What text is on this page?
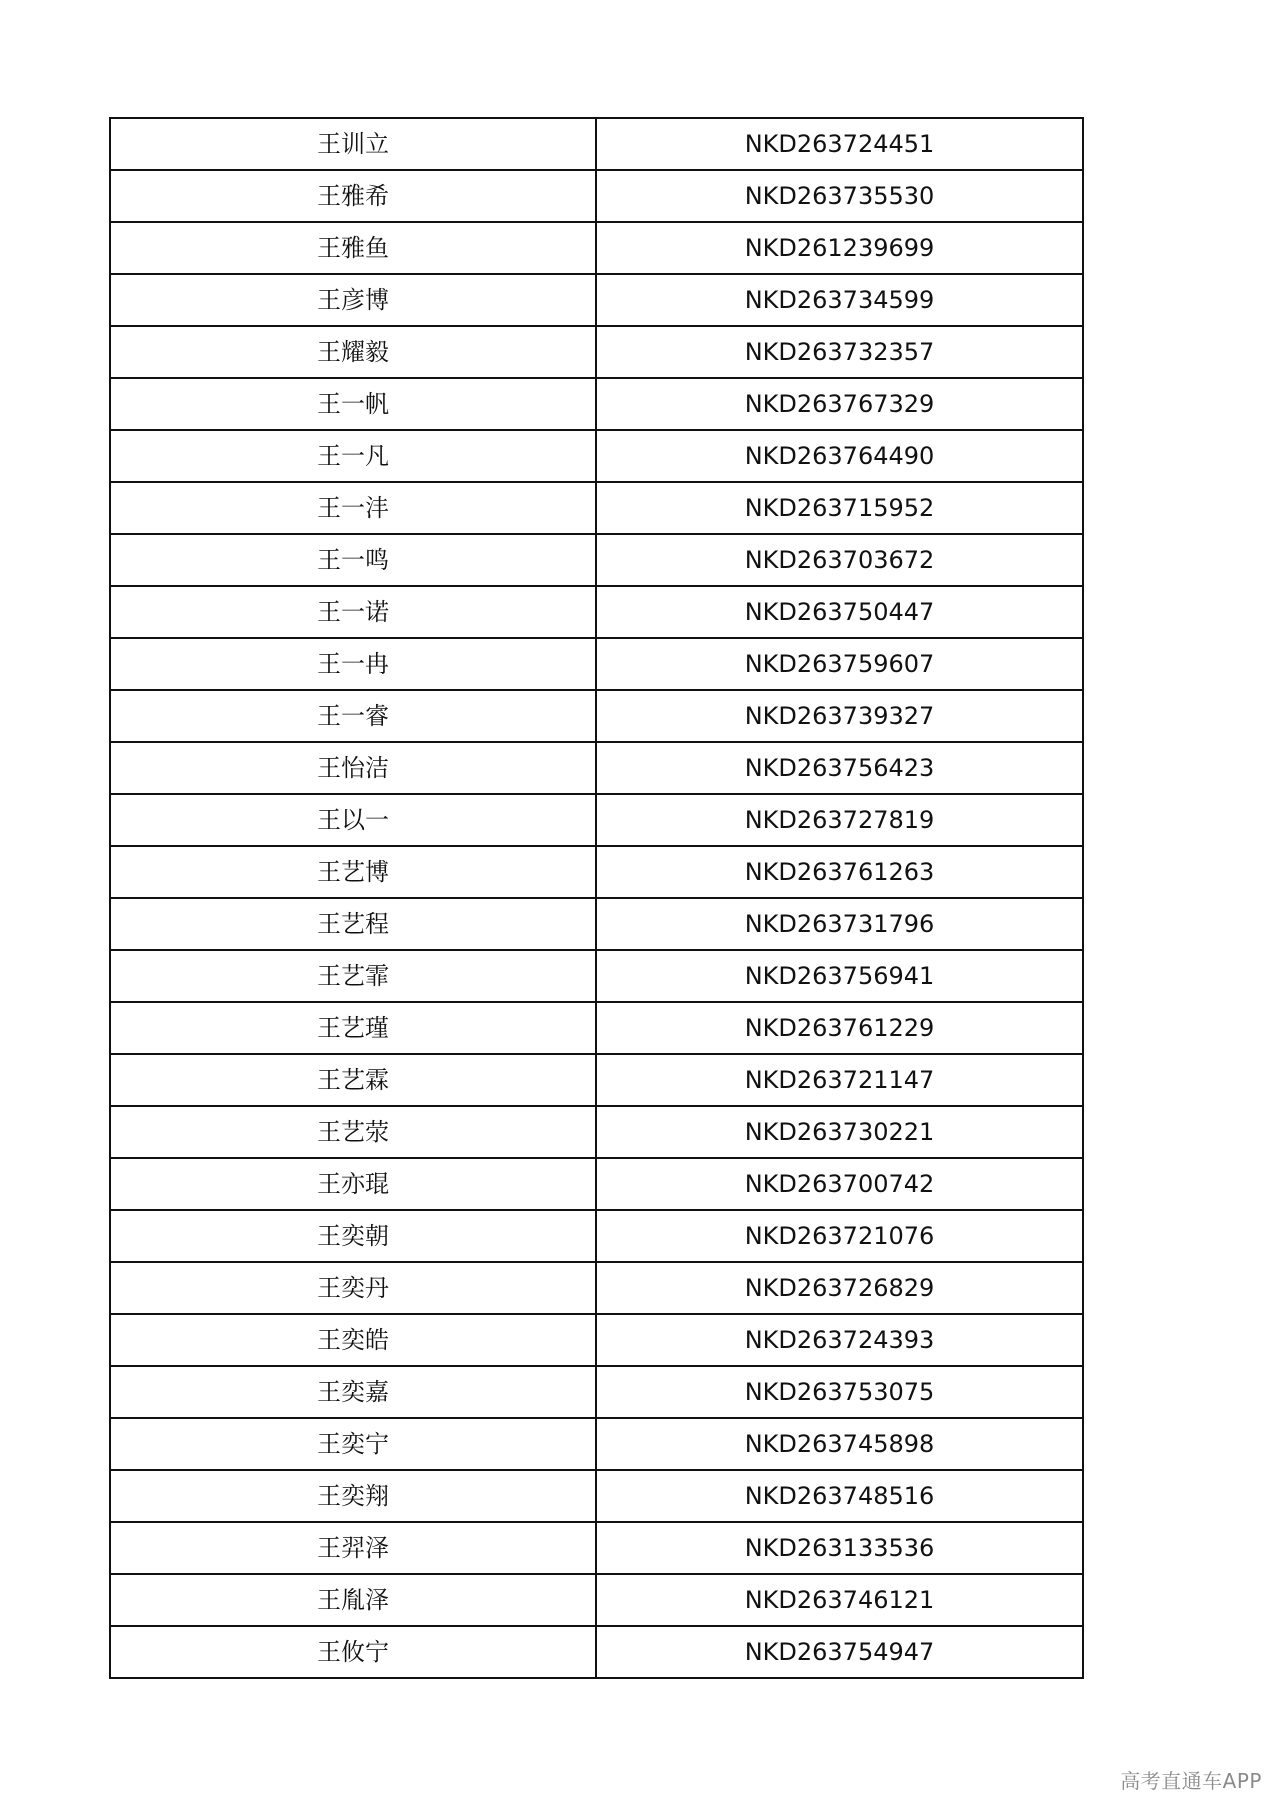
王训立	NKD263724451
王雅希	NKD263735530
王雅鱼	NKD261239699
王彦博	NKD263734599
王耀毅	NKD263732357
王一帆	NKD263767329
王一凡	NKD263764490
王一沣	NKD263715952
王一鸣	NKD263703672
王一诺	NKD263750447
王一冉	NKD263759607
王一睿	NKD263739327
王怡洁	NKD263756423
王以一	NKD263727819
王艺博	NKD263761263
王艺程	NKD263731796
王艺霏	NKD263756941
王艺瑾	NKD263761229
王艺霖	NKD263721147
王艺荥	NKD263730221
王亦琨	NKD263700742
王奕朝	NKD263721076
王奕丹	NKD263726829
王奕皓	NKD263724393
王奕嘉	NKD263753075
王奕宁	NKD263745898
王奕翔	NKD263748516
王羿泽	NKD263133536
王胤泽	NKD263746121
王攸宁	NKD263754947
高考直通车APP
